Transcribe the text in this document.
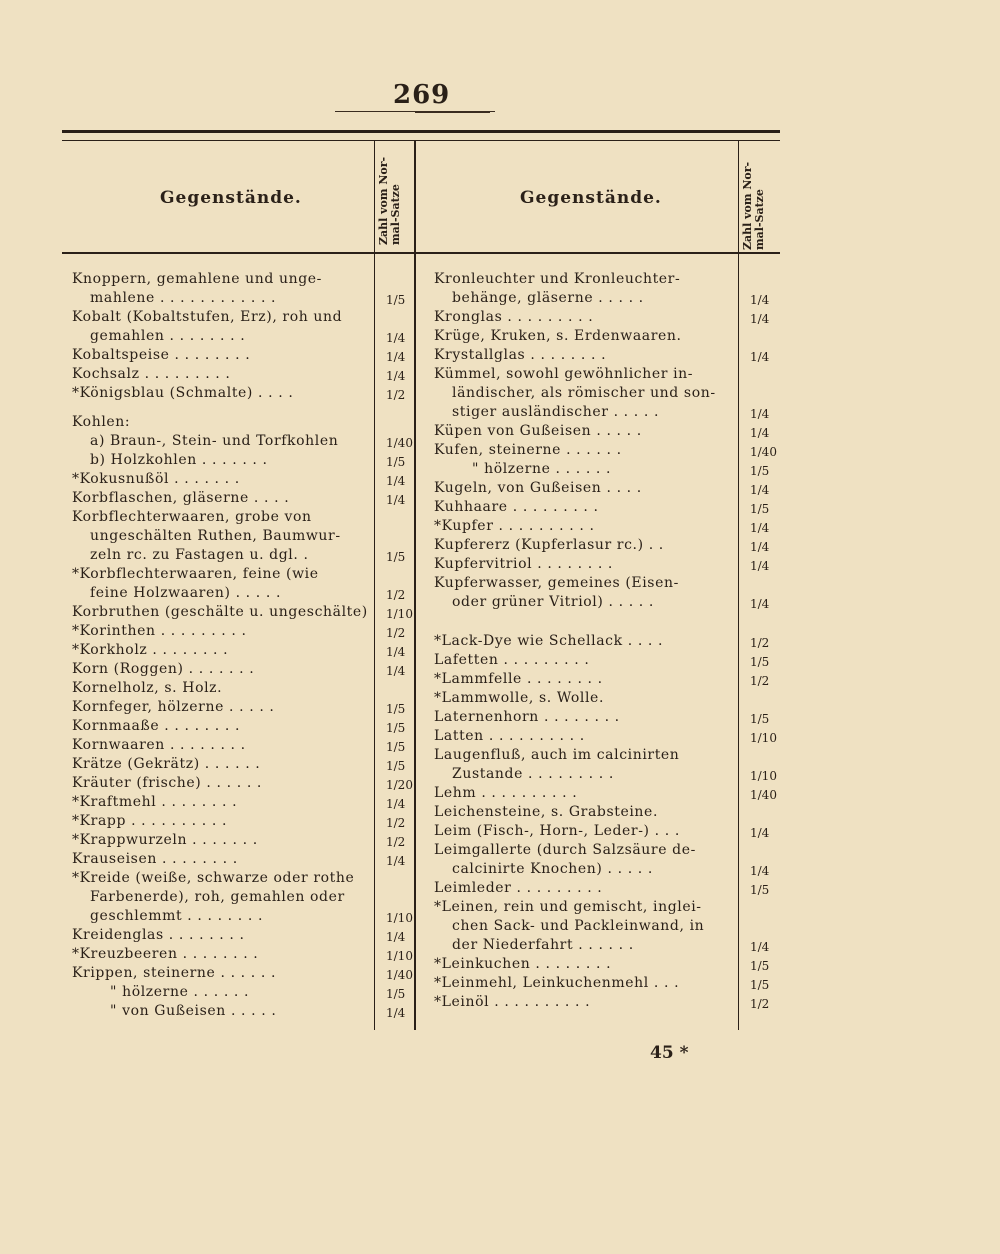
269
Gegenstände.	Zahl vom Nor-mal-Satze	Gegenstände.	Zahl vom Nor-mal-Satze
Knoppern, gemahlene und unge-
mahlene . . . . . . . . . . . .	1/5
Kobalt (Kobaltstufen, Erz), roh und
gemahlen . . . . . . . .	1/4
Kobaltspeise . . . . . . . .	1/4
Kochsalz . . . . . . . . .	1/4
*Königsblau (Schmalte) . . . .	1/2
Kohlen:
a) Braun-, Stein- und Torfkohlen	1/40
b) Holzkohlen . . . . . . .	1/5
*Kokusnußöl . . . . . . .	1/4
Korbflaschen, gläserne . . . .	1/4
Korbflechterwaaren, grobe von
ungeschälten Ruthen, Baumwur-
zeln rc. zu Fastagen u. dgl. .	1/5
*Korbflechterwaaren, feine (wie
feine Holzwaaren) . . . . .	1/2
Korbruthen (geschälte u. ungeschälte) 1/10
*Korinthen . . . . . . . . .	1/2
*Korkholz . . . . . . . .	1/4
Korn (Roggen) . . . . . . .	1/4
Kornelholz, s. Holz.
Kornfeger, hölzerne . . . . .	1/5
Kornmaaße . . . . . . . .	1/5
Kornwaaren . . . . . . . .	1/5
Krätze (Gekrätz) . . . . . .	1/5
Kräuter (frische) . . . . . .	1/20
*Kraftmehl . . . . . . . .	1/4
*Krapp . . . . . . . . . .	1/2
*Krappwurzeln . . . . . . .	1/2
Krauseisen . . . . . . . .	1/4
*Kreide (weiße, schwarze oder rothe
Farbenerde), roh, gemahlen oder
geschlemmt . . . . . . . .	1/10
Kreidenglas . . . . . . . .	1/4
*Kreuzbeeren . . . . . . . .	1/10
Krippen, steinerne . . . . . .	1/40
" hölzerne . . . . . .	1/5
" von Gußeisen . . . . .	1/4
Kronleuchter und Kronleuchter-
behänge, gläserne . . . . .	1/4
Kronglas . . . . . . . . .	1/4
Krüge, Kruken, s. Erdenwaaren.
Krystallglas . . . . . . . .	1/4
Kümmel, sowohl gewöhnlicher in-
ländischer, als römischer und son-
stiger ausländischer . . . . .	1/4
Küpen von Gußeisen . . . . .	1/4
Kufen, steinerne . . . . . .	1/40
" hölzerne . . . . . .	1/5
Kugeln, von Gußeisen . . . .	1/4
Kuhhaare . . . . . . . . .	1/5
*Kupfer . . . . . . . . . .	1/4
Kupfererz (Kupferlasur rc.) . .	1/4
Kupfervitriol . . . . . . . .	1/4
Kupferwasser, gemeines (Eisen-
oder grüner Vitriol) . . . . .	1/4
*Lack-Dye wie Schellack . . . .	1/2
Lafetten . . . . . . . . .	1/5
*Lammfelle . . . . . . . .	1/2
*Lammwolle, s. Wolle.
Laternenhorn . . . . . . . .	1/5
Latten . . . . . . . . . .	1/10
Laugenfluß, auch im calcinirten
Zustande . . . . . . . . .	1/10
Lehm . . . . . . . . . .	1/40
Leichensteine, s. Grabsteine.
Leim (Fisch-, Horn-, Leder-) . . .	1/4
Leimgallerte (durch Salzsäure de-
calcinirte Knochen) . . . . .	1/4
Leimleder . . . . . . . . .	1/5
*Leinen, rein und gemischt, inglei-
chen Sack- und Packleinwand, in
der Niederfahrt . . . . . .	1/4
*Leinkuchen . . . . . . . .	1/5
*Leinmehl, Leinkuchenmehl . . .	1/5
*Leinöl . . . . . . . . . .	1/2
45 *
